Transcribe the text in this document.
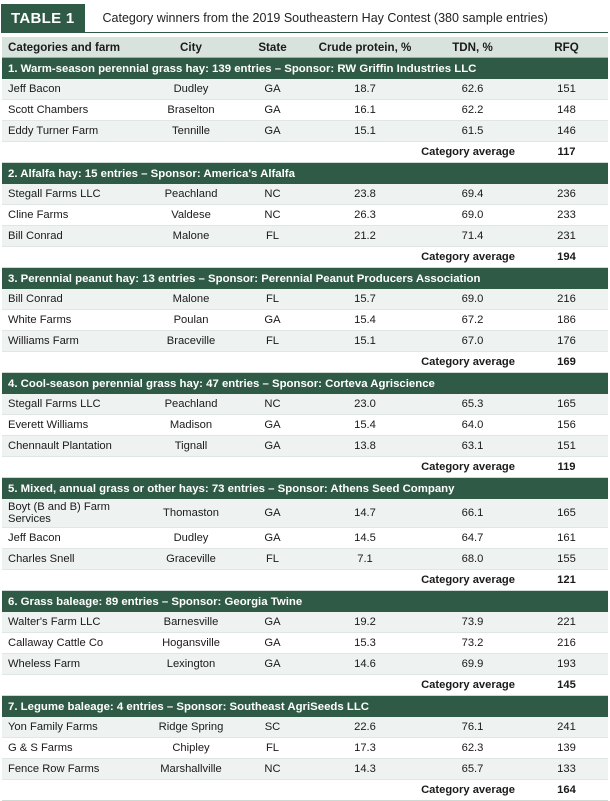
TABLE 1	Category winners from the 2019 Southeastern Hay Contest (380 sample entries)
Categories and farm	City	State	Crude protein, %	TDN, %	RFQ
1. Warm-season perennial grass hay: 139 entries – Sponsor: RW Griffin Industries LLC					
Jeff Bacon	Dudley	GA	18.7	62.6	151
Scott Chambers	Braselton	GA	16.1	62.2	148
Eddy Turner Farm	Tennille	GA	15.1	61.5	146
Category average					117
2. Alfalfa hay: 15 entries – Sponsor: America's Alfalfa					
Stegall Farms LLC	Peachland	NC	23.8	69.4	236
Cline Farms	Valdese	NC	26.3	69.0	233
Bill Conrad	Malone	FL	21.2	71.4	231
Category average					194
3. Perennial peanut hay: 13 entries – Sponsor: Perennial Peanut Producers Association					
Bill Conrad	Malone	FL	15.7	69.0	216
White Farms	Poulan	GA	15.4	67.2	186
Williams Farm	Braceville	FL	15.1	67.0	176
Category average					169
4. Cool-season perennial grass hay: 47 entries – Sponsor: Corteva Agriscience					
Stegall Farms LLC	Peachland	NC	23.0	65.3	165
Everett Williams	Madison	GA	15.4	64.0	156
Chennault Plantation	Tignall	GA	13.8	63.1	151
Category average					119
5. Mixed, annual grass or other hays: 73 entries – Sponsor: Athens Seed Company					
Boyt (B and B) Farm Services	Thomaston	GA	14.7	66.1	165
Jeff Bacon	Dudley	GA	14.5	64.7	161
Charles Snell	Graceville	FL	7.1	68.0	155
Category average					121
6. Grass baleage: 89 entries – Sponsor: Georgia Twine					
Walter's Farm LLC	Barnesville	GA	19.2	73.9	221
Callaway Cattle Co	Hogansville	GA	15.3	73.2	216
Wheless Farm	Lexington	GA	14.6	69.9	193
Category average					145
7. Legume baleage: 4 entries – Sponsor: Southeast AgriSeeds LLC					
Yon Family Farms	Ridge Spring	SC	22.6	76.1	241
G & S Farms	Chipley	FL	17.3	62.3	139
Fence Row Farms	Marshallville	NC	14.3	65.7	133
Category average					164
